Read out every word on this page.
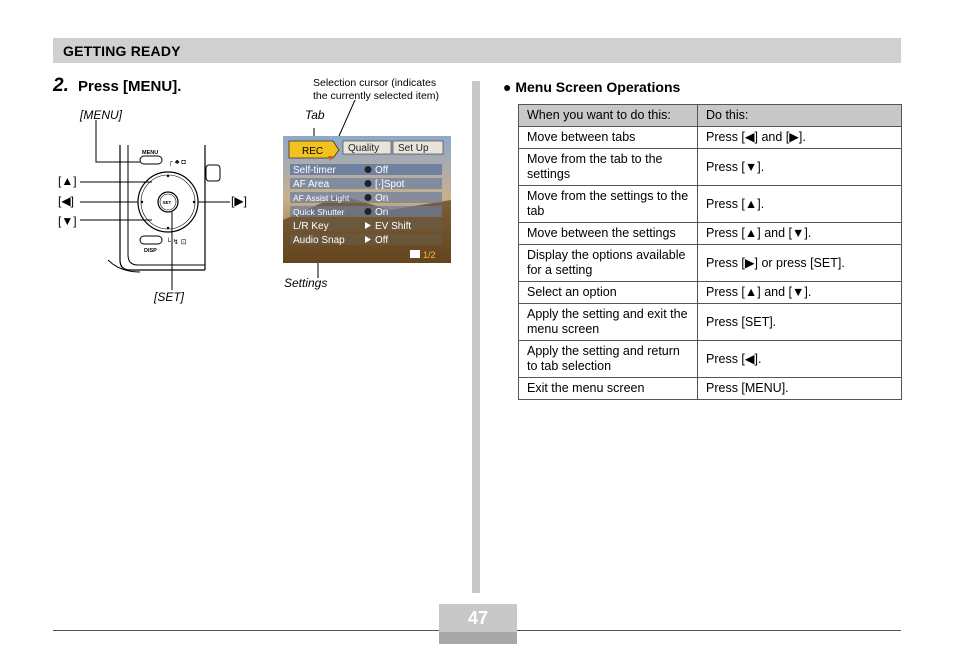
GETTING READY
2. Press [MENU].
[MENU]
[▲]
[◀]
[▼]
[▶]
[SET]
MENU
DISP
SET
┌ ♣ ◘
└ ↯ ⊡
Selection cursor (indicates
the currently selected item)
Tab
Settings
REC Quality Set Up
Self-timer	Off
AF Area	[·]Spot
AF Assist Light	On
Quick Shutter	On
L/R Key	EV Shift
Audio Snap	Off
1/2
● Menu Screen Operations
When you want to do this:	Do this:
Move between tabs	Press [◀] and [▶].
Move from the tab to the settings	Press [▼].
Move from the settings to the tab	Press [▲].
Move between the settings	Press [▲] and [▼].
Display the options available for a setting	Press [▶] or press [SET].
Select an option	Press [▲] and [▼].
Apply the setting and exit the menu screen	Press [SET].
Apply the setting and return to tab selection	Press [◀].
Exit the menu screen	Press [MENU].
47
